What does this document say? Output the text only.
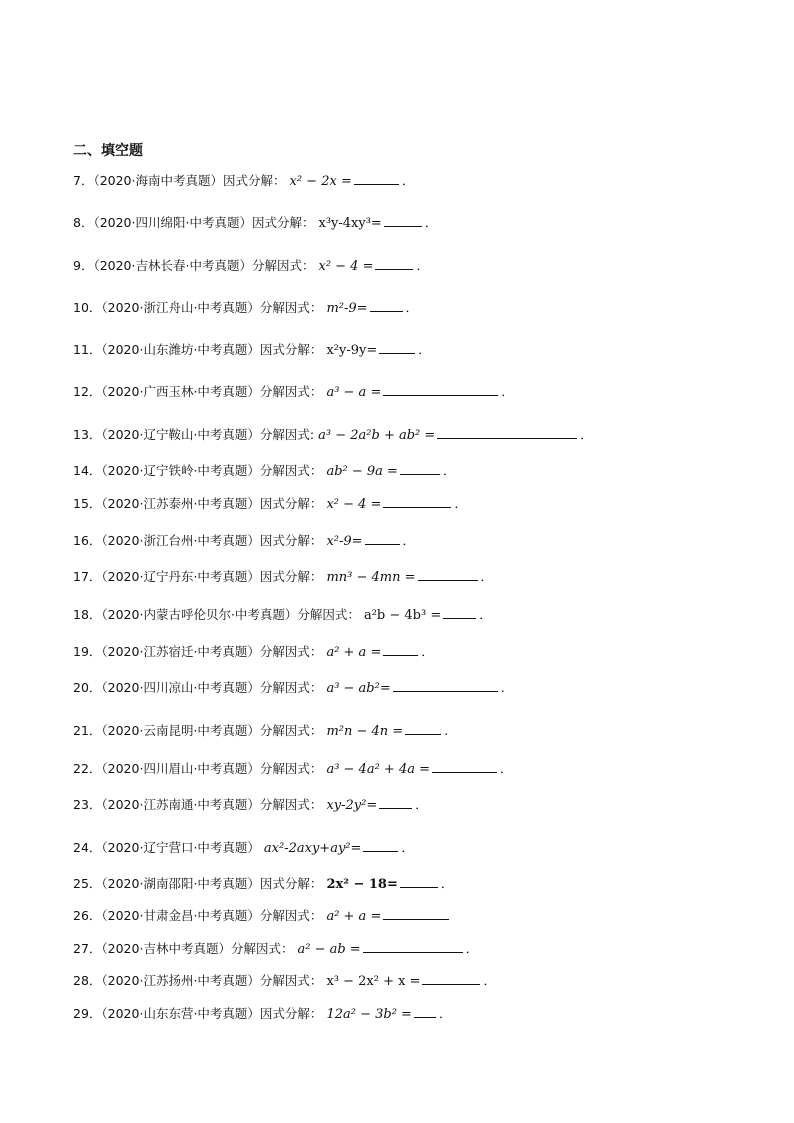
二、填空题
7．（2020·海南中考真题）因式分解： x² − 2x =	．
8．（2020·四川绵阳·中考真题）因式分解： x³y-4xy³=	．
9．（2020·吉林长春·中考真题）分解因式： x² − 4 =	．
10．（2020·浙江舟山·中考真题）分解因式： m²-9=	．
11．（2020·山东潍坊·中考真题）因式分解： x²y-9y=	．
12．（2020·广西玉林·中考真题）分解因式： a³ − a =	．
13．（2020·辽宁鞍山·中考真题）分解因式: a³ − 2a²b + ab² =	．
14．（2020·辽宁铁岭·中考真题）分解因式： ab² − 9a =	．
15．（2020·江苏泰州·中考真题）因式分解： x² − 4 =	．
16．（2020·浙江台州·中考真题）因式分解： x²-9=	．
17．（2020·辽宁丹东·中考真题）因式分解： mn³ − 4mn =	．
18．（2020·内蒙古呼伦贝尔·中考真题）分解因式： a²b − 4b³ =	．
19．（2020·江苏宿迁·中考真题）分解因式： a² + a =	．
20．（2020·四川凉山·中考真题）分解因式： a³ − ab²=	.
21．（2020·云南昆明·中考真题）分解因式： m²n − 4n =	.
22．（2020·四川眉山·中考真题）分解因式： a³ − 4a² + 4a =	．
23．（2020·江苏南通·中考真题）分解因式： xy-2y²=	．
24．（2020·辽宁营口·中考真题） ax²-2axy+ay²=	．
25．（2020·湖南邵阳·中考真题）因式分解： 2x² − 18=	．
26．（2020·甘肃金昌·中考真题）分解因式： a² + a =
27．（2020·吉林中考真题）分解因式： a² − ab =	．
28．（2020·江苏扬州·中考真题）分解因式： x³ − 2x² + x =	．
29．（2020·山东东营·中考真题）因式分解： 12a² − 3b² = ．
